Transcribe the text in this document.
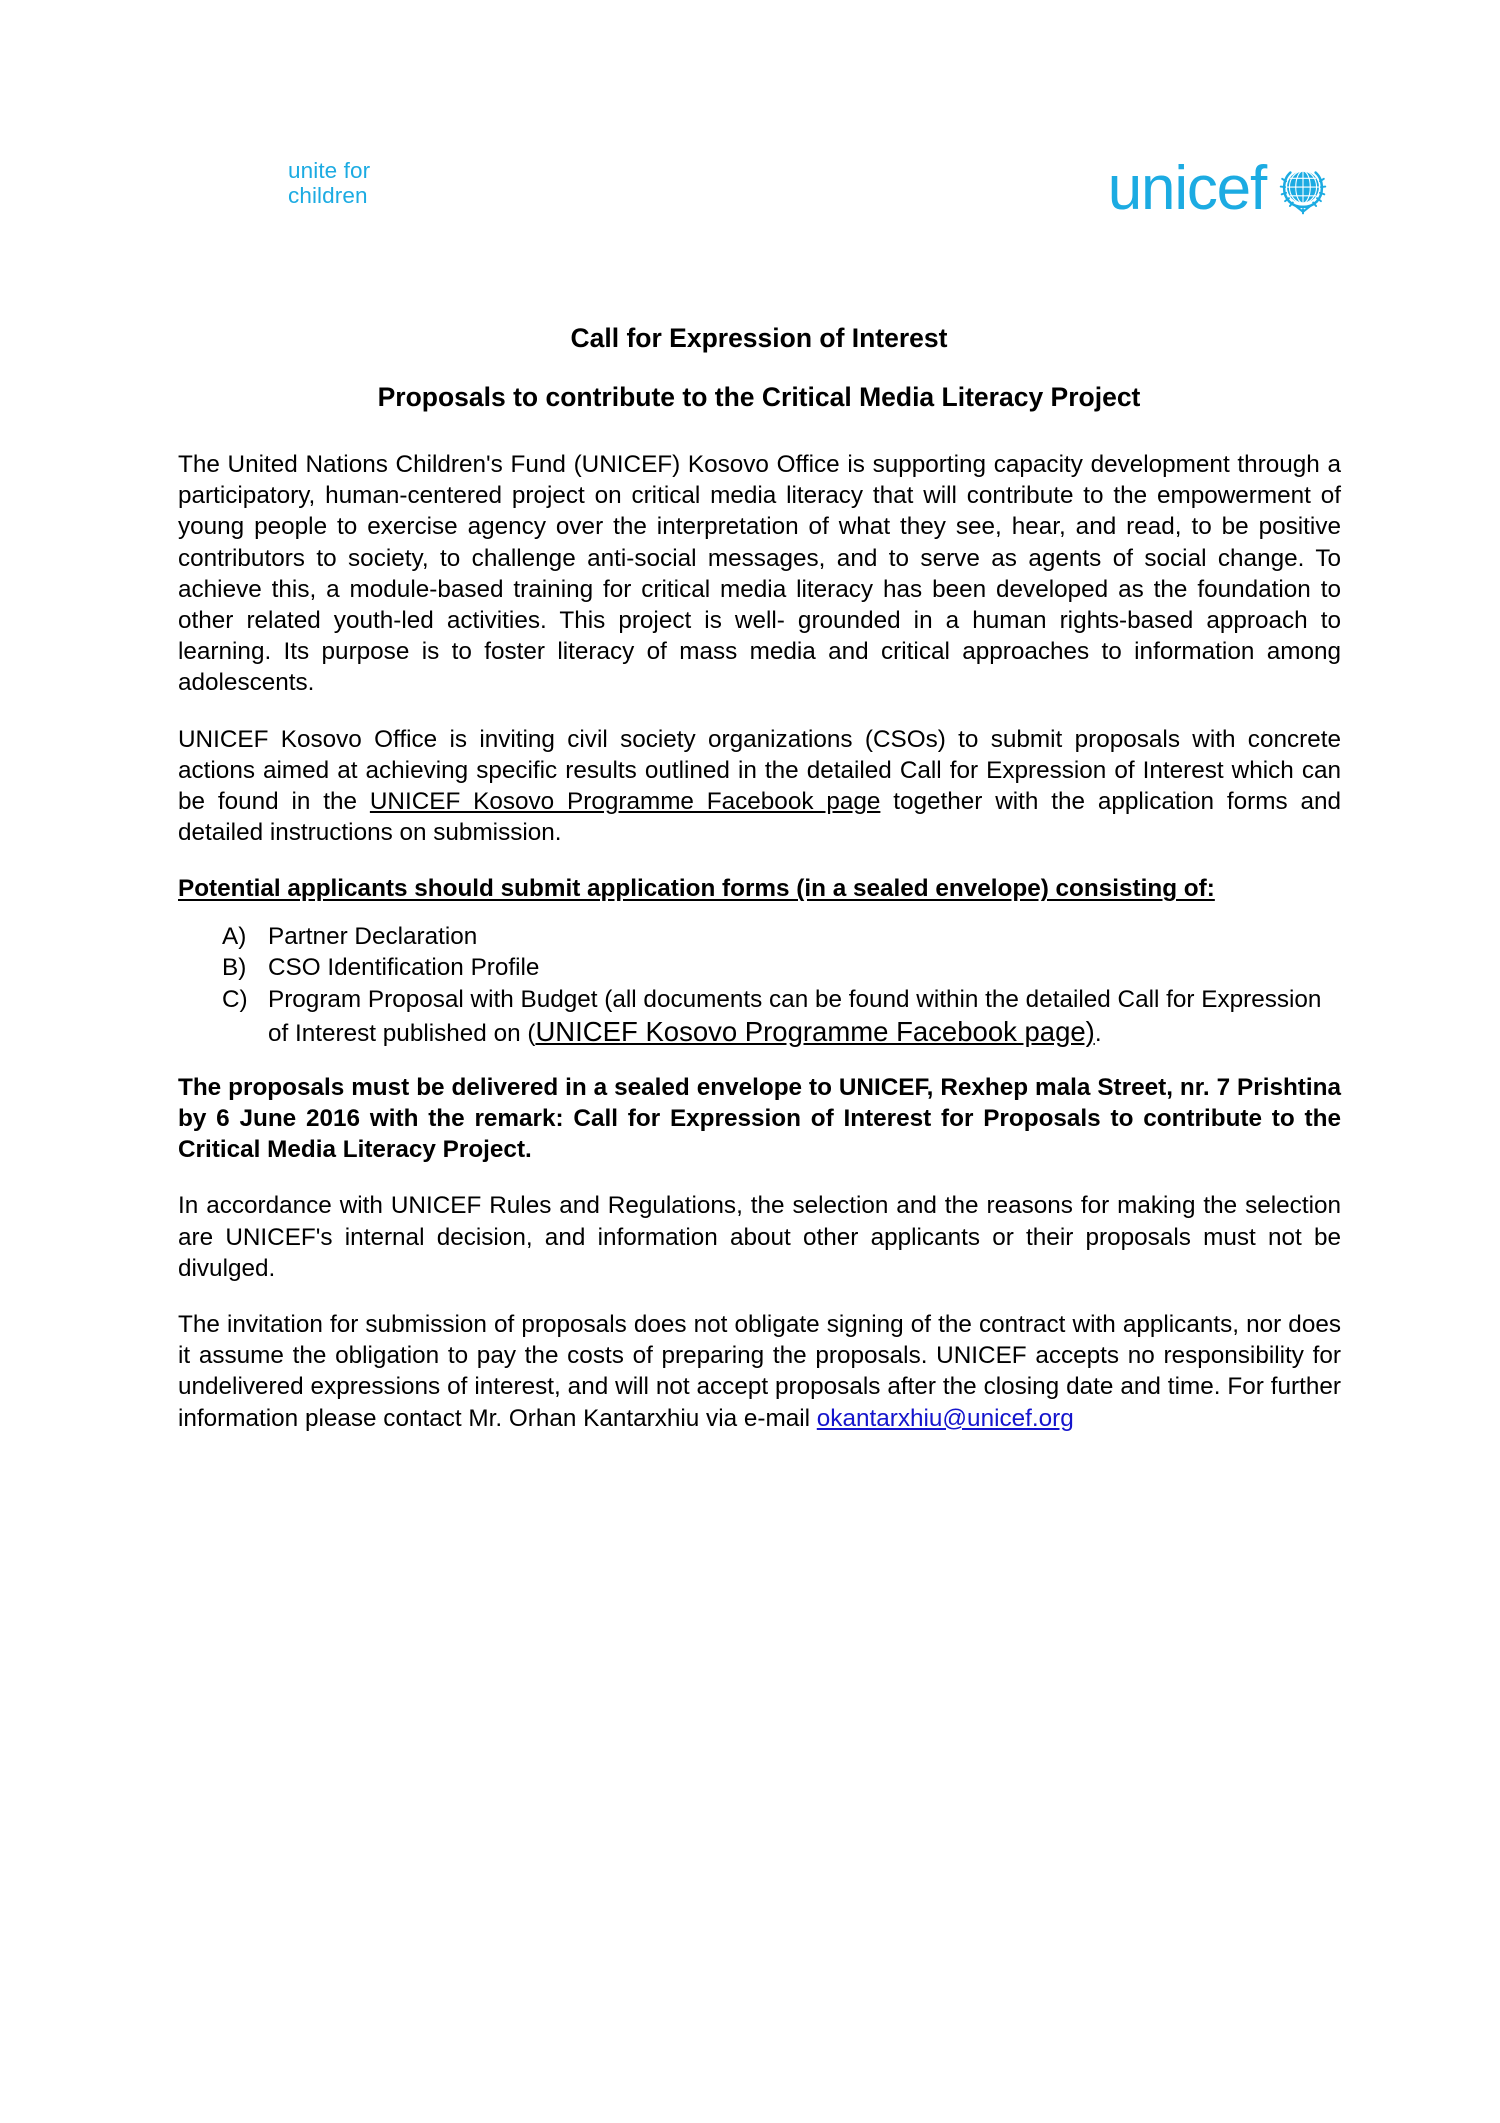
unite for
children	unicef
Call for Expression of Interest
Proposals to contribute to the Critical Media Literacy Project

The United Nations Children's Fund (UNICEF) Kosovo Office is supporting capacity development through a participatory, human-centered project on critical media literacy that will contribute to the empowerment of young people to exercise agency over the interpretation of what they see, hear, and read, to be positive contributors to society, to challenge anti-social messages, and to serve as agents of social change. To achieve this, a module-based training for critical media literacy has been developed as the foundation to other related youth-led activities. This project is well- grounded in a human rights-based approach to learning. Its purpose is to foster literacy of mass media and critical approaches to information among adolescents.

UNICEF Kosovo Office is inviting civil society organizations (CSOs) to submit proposals with concrete actions aimed at achieving specific results outlined in the detailed Call for Expression of Interest which can be found in the UNICEF Kosovo Programme Facebook page together with the application forms and detailed instructions on submission.

Potential applicants should submit application forms (in a sealed envelope) consisting of:

A) Partner Declaration
B) CSO Identification Profile
C) Program Proposal with Budget (all documents can be found within the detailed Call for Expression of Interest published on (UNICEF Kosovo Programme Facebook page).

The proposals must be delivered in a sealed envelope to UNICEF, Rexhep mala Street, nr. 7 Prishtina by 6 June 2016 with the remark: Call for Expression of Interest for Proposals to contribute to the Critical Media Literacy Project.

In accordance with UNICEF Rules and Regulations, the selection and the reasons for making the selection are UNICEF's internal decision, and information about other applicants or their proposals must not be divulged.

The invitation for submission of proposals does not obligate signing of the contract with applicants, nor does it assume the obligation to pay the costs of preparing the proposals. UNICEF accepts no responsibility for undelivered expressions of interest, and will not accept proposals after the closing date and time. For further information please contact Mr. Orhan Kantarxhiu via e-mail okantarxhiu@unicef.org
